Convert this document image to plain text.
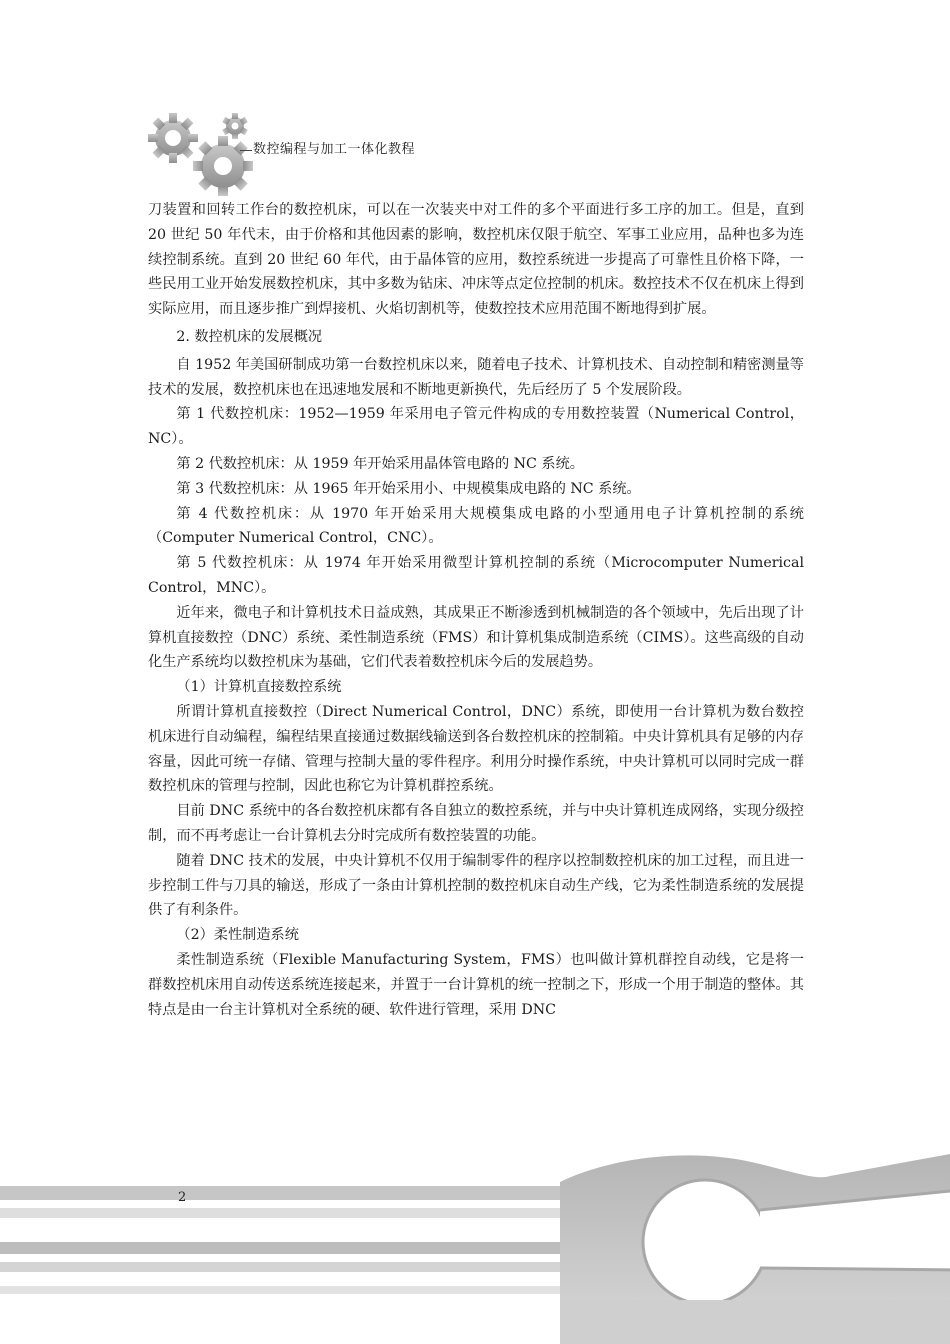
数控编程与加工一体化教程

刀装置和回转工作台的数控机床，可以在一次装夹中对工件的多个平面进行多工序的加工。但是，直到 20 世纪 50 年代末，由于价格和其他因素的影响，数控机床仅限于航空、军事工业应用，品种也多为连续控制系统。直到 20 世纪 60 年代，由于晶体管的应用，数控系统进一步提高了可靠性且价格下降，一些民用工业开始发展数控机床，其中多数为钻床、冲床等点定位控制的机床。数控技术不仅在机床上得到实际应用，而且逐步推广到焊接机、火焰切割机等，使数控技术应用范围不断地得到扩展。

2. 数控机床的发展概况

自 1952 年美国研制成功第一台数控机床以来，随着电子技术、计算机技术、自动控制和精密测量等技术的发展，数控机床也在迅速地发展和不断地更新换代，先后经历了 5 个发展阶段。

第 1 代数控机床：1952—1959 年采用电子管元件构成的专用数控装置（Numerical Control，NC）。

第 2 代数控机床：从 1959 年开始采用晶体管电路的 NC 系统。

第 3 代数控机床：从 1965 年开始采用小、中规模集成电路的 NC 系统。

第 4 代数控机床：从 1970 年开始采用大规模集成电路的小型通用电子计算机控制的系统（Computer Numerical Control，CNC）。

第 5 代数控机床：从 1974 年开始采用微型计算机控制的系统（Microcomputer Numerical Control，MNC）。

近年来，微电子和计算机技术日益成熟，其成果正不断渗透到机械制造的各个领域中，先后出现了计算机直接数控（DNC）系统、柔性制造系统（FMS）和计算机集成制造系统（CIMS）。这些高级的自动化生产系统均以数控机床为基础，它们代表着数控机床今后的发展趋势。

（1）计算机直接数控系统

所谓计算机直接数控（Direct Numerical Control，DNC）系统，即使用一台计算机为数台数控机床进行自动编程，编程结果直接通过数据线输送到各台数控机床的控制箱。中央计算机具有足够的内存容量，因此可统一存储、管理与控制大量的零件程序。利用分时操作系统，中央计算机可以同时完成一群数控机床的管理与控制，因此也称它为计算机群控系统。

目前 DNC 系统中的各台数控机床都有各自独立的数控系统，并与中央计算机连成网络，实现分级控制，而不再考虑让一台计算机去分时完成所有数控装置的功能。

随着 DNC 技术的发展，中央计算机不仅用于编制零件的程序以控制数控机床的加工过程，而且进一步控制工件与刀具的输送，形成了一条由计算机控制的数控机床自动生产线，它为柔性制造系统的发展提供了有利条件。

（2）柔性制造系统

柔性制造系统（Flexible Manufacturing System，FMS）也叫做计算机群控自动线，它是将一群数控机床用自动传送系统连接起来，并置于一台计算机的统一控制之下，形成一个用于制造的整体。其特点是由一台主计算机对全系统的硬、软件进行管理，采用 DNC

2
